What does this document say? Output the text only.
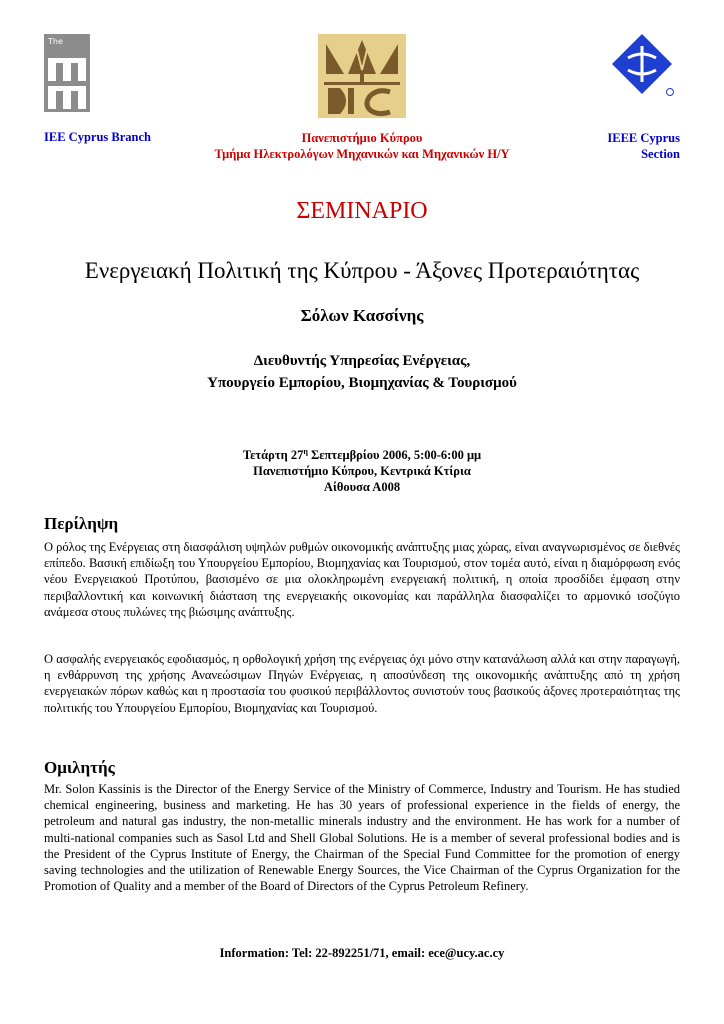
The
IEE Cyprus Branch	Πανεπιστήμιο Κύπρου
Τμήμα Ηλεκτρολόγων Μηχανικών και Μηχανικών Η/Υ
IEEE Cyprus
Section
ΣΕΜΙΝΑΡΙΟ
Ενεργειακή Πολιτική της Κύπρου - Άξονες Προτεραιότητας
Σόλων Κασσίνης
Διευθυντής Υπηρεσίας Ενέργειας,
Υπουργείο Εμπορίου, Βιομηχανίας & Τουρισμού
Τετάρτη $27^\eta$ Σεπτεμβρίου 2006, 5:00-6:00 μμ
Πανεπιστήμιο Κύπρου, Κεντρικά Κτίρια
Αίθουσα Α008
Περίληψη
Ο ρόλος της Ενέργειας στη διασφάλιση υψηλών ρυθμών οικονομικής ανάπτυξης μιας χώρας, είναι αναγνωρισμένος σε διεθνές επίπεδο. Βασική επιδίωξη του Υπουργείου Εμπορίου, Βιομηχανίας και Τουρισμού, στον τομέα αυτό, είναι η διαμόρφωση ενός νέου Ενεργειακού Προτύπου, βασισμένο σε μια ολοκληρωμένη ενεργειακή πολιτική, η οποία προσδίδει έμφαση στην περιβαλλοντική και κοινωνική διάσταση της ενεργειακής οικονομίας και παράλληλα διασφαλίζει το αρμονικό ισοζύγιο ανάμεσα στους πυλώνες της βιώσιμης ανάπτυξης.
Ο ασφαλής ενεργειακός εφοδιασμός, η ορθολογική χρήση της ενέργειας όχι μόνο στην κατανάλωση αλλά και στην παραγωγή, η ενθάρρυνση της χρήσης Ανανεώσιμων Πηγών Ενέργειας, η αποσύνδεση της οικονομικής ανάπτυξης από τη χρήση ενεργειακών πόρων καθώς και η προστασία του φυσικού περιβάλλοντος συνιστούν τους βασικούς άξονες προτεραιότητας της πολιτικής του Υπουργείου Εμπορίου, Βιομηχανίας και Τουρισμού.
Ομιλητής
Mr. Solon Kassinis is the Director of the Energy Service of the Ministry of Commerce, Industry and Tourism. He has studied chemical engineering, business and marketing. He has 30 years of professional experience in the fields of energy, the petroleum and natural gas industry, the non-metallic minerals industry and the environment. He has work for a number of multi-national companies such as Sasol Ltd and Shell Global Solutions. He is a member of several professional bodies and is the President of the Cyprus Institute of Energy, the Chairman of the Special Fund Committee for the promotion of energy saving technologies and the utilization of Renewable Energy Sources, the Vice Chairman of the Cyprus Organization for the Promotion of Quality and a member of the Board of Directors of the Cyprus Petroleum Refinery.
Information: Tel: 22-892251/71, email: ece@ucy.ac.cy
